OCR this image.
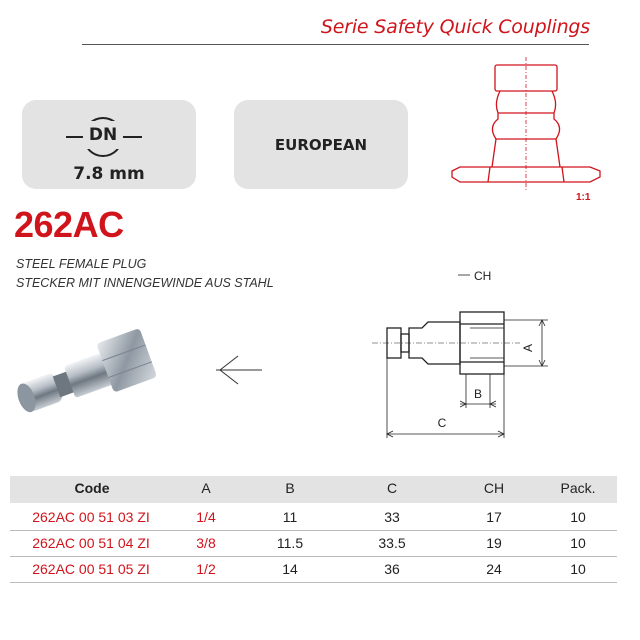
Serie Safety Quick Couplings
DN
7.8 mm
EUROPEAN
1:1
262AC
STEEL FEMALE PLUG
STECKER MIT INNENGEWINDE AUS STAHL	CH
A
B
C
Code	A	B	C	CH	Pack.
262AC 00 51 03 ZI	1/4	11	33	17	10
262AC 00 51 04 ZI	3/8	11.5	33.5	19	10
262AC 00 51 05 ZI	1/2	14	36	24	10
